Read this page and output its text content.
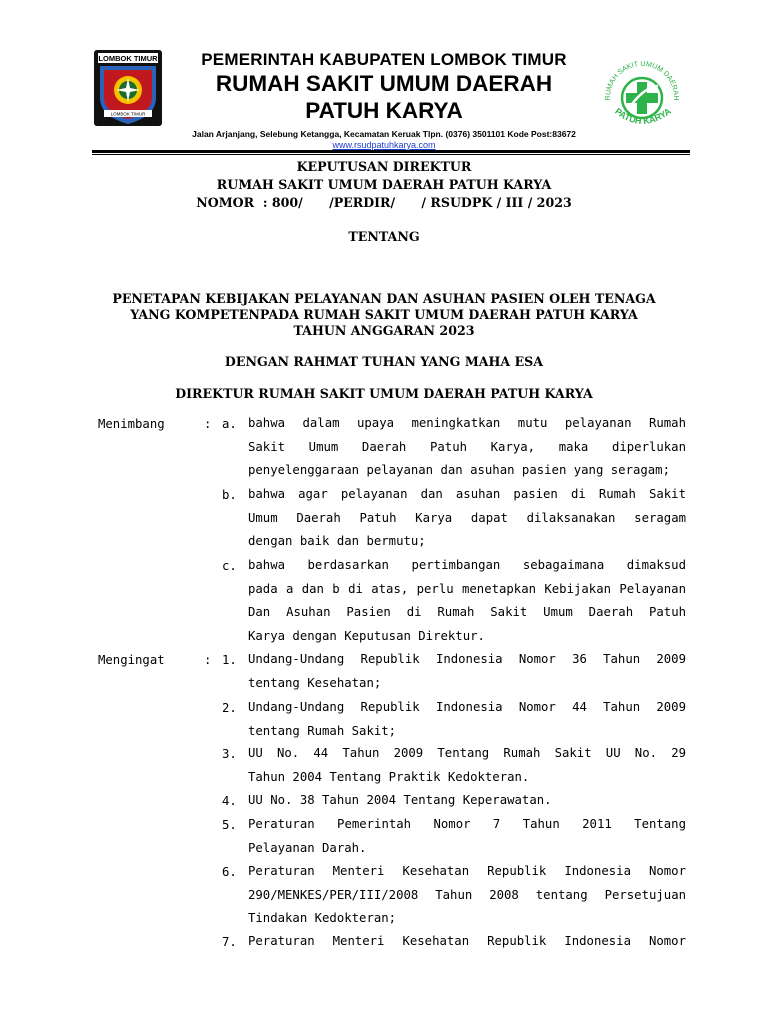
LOMBOK TIMUR
LOMBOK TIMUR
PEMERINTAH KABUPATEN LOMBOK TIMUR
RUMAH SAKIT UMUM DAERAH
PATUH KARYA
Jalan Arjanjang, Selebung Ketangga, Kecamatan Keruak Tlpn. (0376) 3501101 Kode Post:83672
www.rsudpatuhkarya.com
RUMAH SAKIT UMUM DAERAH
PATUH KARYA
KEPUTUSAN DIREKTUR
RUMAH SAKIT UMUM DAERAH PATUH KARYA
NOMOR  : 800/      /PERDIR/      / RSUDPK / III / 2023
TENTANG
PENETAPAN KEBIJAKAN PELAYANAN DAN ASUHAN PASIEN OLEH TENAGA
YANG KOMPETENPADA RUMAH SAKIT UMUM DAERAH PATUH KARYA
TAHUN ANGGARAN 2023
DENGAN RAHMAT TUHAN YANG MAHA ESA
DIREKTUR RUMAH SAKIT UMUM DAERAH PATUH KARYA
Menimbang	: a. bahwa dalam upaya meningkatkan mutu pelayanan Rumah
Sakit Umum Daerah Patuh Karya, maka diperlukan
penyelenggaraan pelayanan dan asuhan pasien yang seragam;
b. bahwa agar pelayanan dan asuhan pasien di Rumah Sakit
Umum Daerah Patuh Karya dapat dilaksanakan seragam
dengan baik dan bermutu;
c. bahwa berdasarkan pertimbangan sebagaimana dimaksud
pada a dan b di atas, perlu menetapkan Kebijakan Pelayanan
Dan Asuhan Pasien di Rumah Sakit Umum Daerah Patuh
Karya dengan Keputusan Direktur.
Mengingat	: 1. Undang-Undang Republik Indonesia Nomor 36 Tahun 2009
tentang Kesehatan;
2. Undang-Undang Republik Indonesia Nomor 44 Tahun 2009
tentang Rumah Sakit;
3. UU No. 44 Tahun 2009 Tentang Rumah Sakit UU No. 29
Tahun 2004 Tentang Praktik Kedokteran.
4. UU No. 38 Tahun 2004 Tentang Keperawatan.
5. Peraturan Pemerintah Nomor 7 Tahun 2011 Tentang
Pelayanan Darah.
6. Peraturan Menteri Kesehatan Republik Indonesia Nomor
290/MENKES/PER/III/2008 Tahun 2008 tentang Persetujuan
Tindakan Kedokteran;
7. Peraturan Menteri Kesehatan Republik Indonesia Nomor
